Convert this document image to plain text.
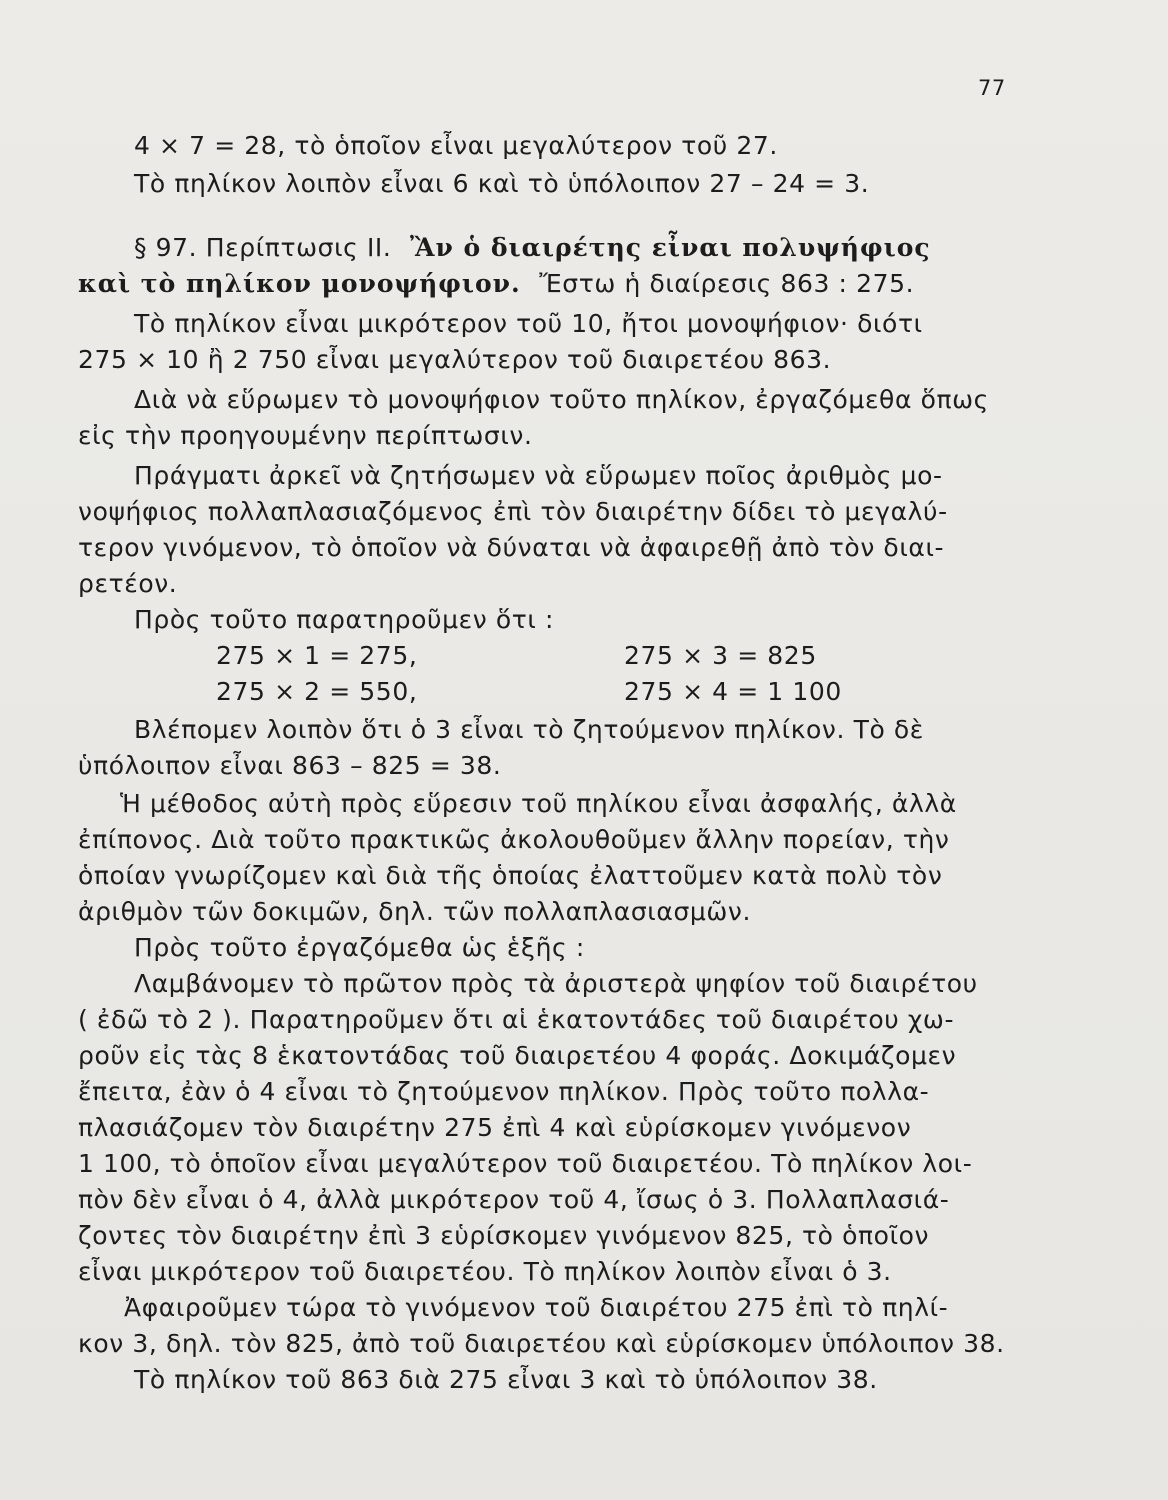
77
4 × 7 = 28, τὸ ὁποῖον εἶναι μεγαλύτερον τοῦ 27.
Τὸ πηλίκον λοιπὸν εἶναι 6 καὶ τὸ ὑπόλοιπον 27 – 24 = 3.
§ 97. Περίπτωσις ΙΙ. Ἂν ὁ διαιρέτης εἶναι πολυψήφιος
καὶ τὸ πηλίκον μονοψήφιον. Ἔστω ἡ διαίρεσις 863 : 275.
Τὸ πηλίκον εἶναι μικρότερον τοῦ 10, ἤτοι μονοψήφιον· διότι
275 × 10 ἢ 2 750 εἶναι μεγαλύτερον τοῦ διαιρετέου 863.
Διὰ νὰ εὕρωμεν τὸ μονοψήφιον τοῦτο πηλίκον, ἐργαζόμεθα ὅπως
εἰς τὴν προηγουμένην περίπτωσιν.
Πράγματι ἀρκεῖ νὰ ζητήσωμεν νὰ εὕρωμεν ποῖος ἀριθμὸς μο-
νοψήφιος πολλαπλασιαζόμενος ἐπὶ τὸν διαιρέτην δίδει τὸ μεγαλύ-
τερον γινόμενον, τὸ ὁποῖον νὰ δύναται νὰ ἀφαιρεθῇ ἀπὸ τὸν διαι-
ρετέον.
Πρὸς τοῦτο παρατηροῦμεν ὅτι :
275 × 1 = 275,	275 × 3 = 825
275 × 2 = 550,	275 × 4 = 1 100
Βλέπομεν λοιπὸν ὅτι ὁ 3 εἶναι τὸ ζητούμενον πηλίκον. Τὸ δὲ
ὑπόλοιπον εἶναι 863 – 825 = 38.
Ἡ μέθοδος αὐτὴ πρὸς εὕρεσιν τοῦ πηλίκου εἶναι ἀσφαλής, ἀλλὰ
ἐπίπονος. Διὰ τοῦτο πρακτικῶς ἀκολουθοῦμεν ἄλλην πορείαν, τὴν
ὁποίαν γνωρίζομεν καὶ διὰ τῆς ὁποίας ἐλαττοῦμεν κατὰ πολὺ τὸν
ἀριθμὸν τῶν δοκιμῶν, δηλ. τῶν πολλαπλασιασμῶν.
Πρὸς τοῦτο ἐργαζόμεθα ὡς ἑξῆς :
Λαμβάνομεν τὸ πρῶτον πρὸς τὰ ἀριστερὰ ψηφίον τοῦ διαιρέτου
( ἐδῶ τὸ 2 ). Παρατηροῦμεν ὅτι αἱ ἑκατοντάδες τοῦ διαιρέτου χω-
ροῦν εἰς τὰς 8 ἑκατοντάδας τοῦ διαιρετέου 4 φοράς. Δοκιμάζομεν
ἔπειτα, ἐὰν ὁ 4 εἶναι τὸ ζητούμενον πηλίκον. Πρὸς τοῦτο πολλα-
πλασιάζομεν τὸν διαιρέτην 275 ἐπὶ 4 καὶ εὑρίσκομεν γινόμενον
1 100, τὸ ὁποῖον εἶναι μεγαλύτερον τοῦ διαιρετέου. Τὸ πηλίκον λοι-
πὸν δὲν εἶναι ὁ 4, ἀλλὰ μικρότερον τοῦ 4, ἴσως ὁ 3. Πολλαπλασιά-
ζοντες τὸν διαιρέτην ἐπὶ 3 εὑρίσκομεν γινόμενον 825, τὸ ὁποῖον
εἶναι μικρότερον τοῦ διαιρετέου. Τὸ πηλίκον λοιπὸν εἶναι ὁ 3.
Ἀφαιροῦμεν τώρα τὸ γινόμενον τοῦ διαιρέτου 275 ἐπὶ τὸ πηλί-
κον 3, δηλ. τὸν 825, ἀπὸ τοῦ διαιρετέου καὶ εὑρίσκομεν ὑπόλοιπον 38.
Τὸ πηλίκον τοῦ 863 διὰ 275 εἶναι 3 καὶ τὸ ὑπόλοιπον 38.
